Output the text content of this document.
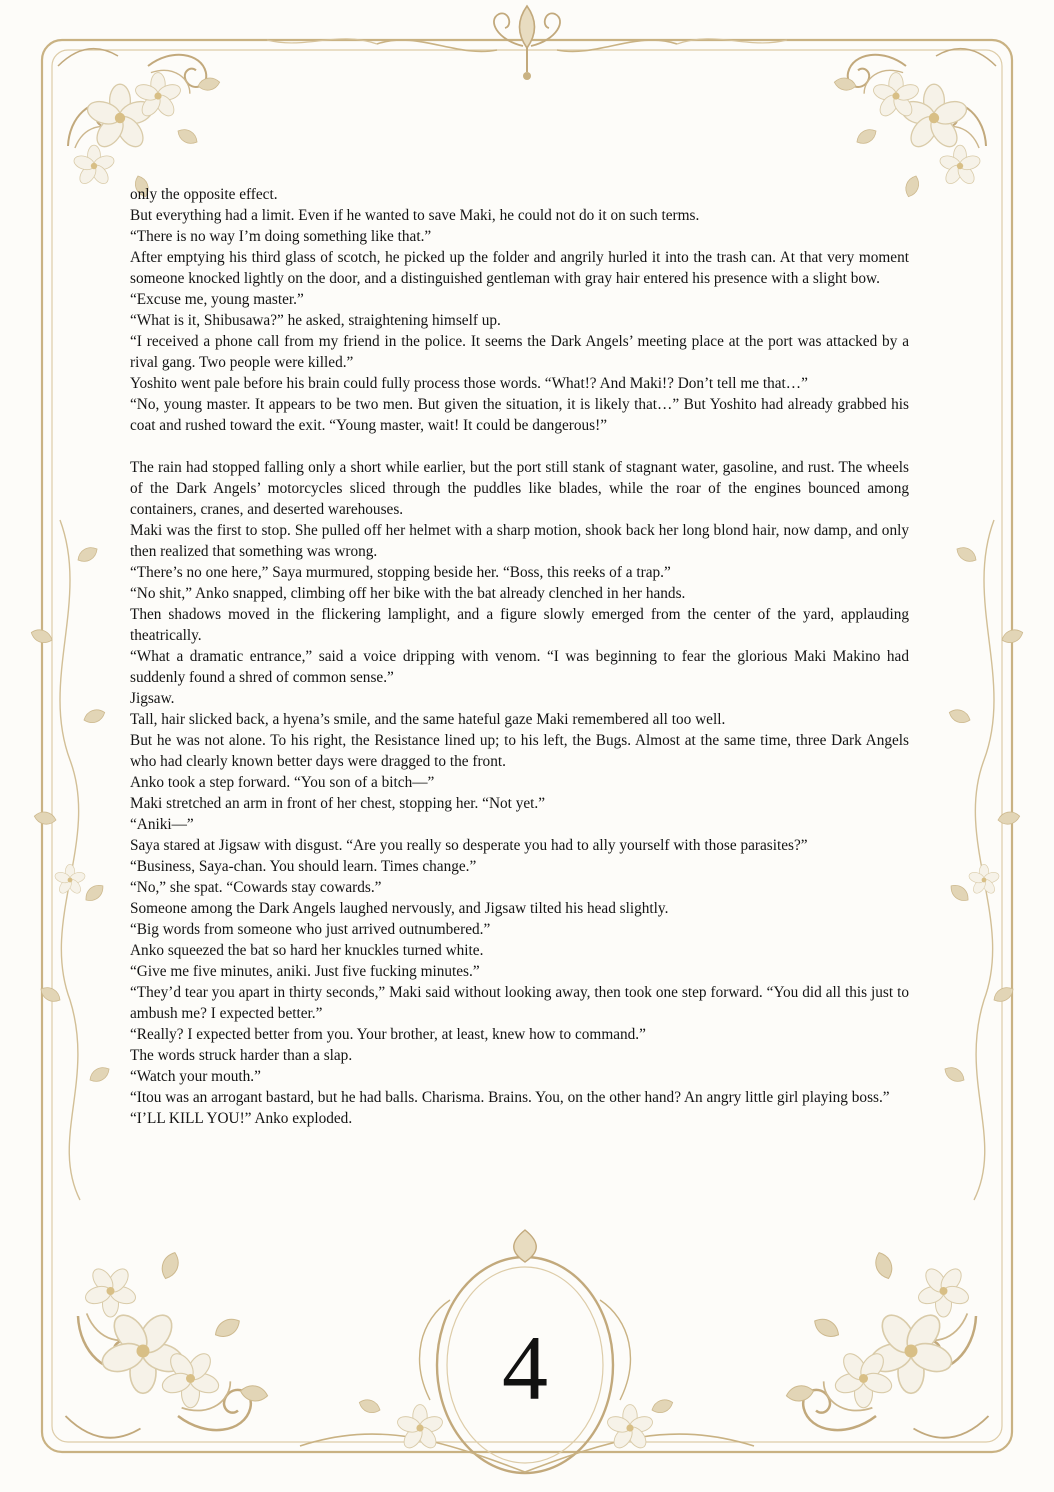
only the opposite effect.

But everything had a limit. Even if he wanted to save Maki, he could not do it on such terms.

“There is no way I’m doing something like that.”

After emptying his third glass of scotch, he picked up the folder and angrily hurled it into the trash can. At that very moment someone knocked lightly on the door, and a distinguished gentleman with gray hair entered his presence with a slight bow.

“Excuse me, young master.”

“What is it, Shibusawa?” he asked, straightening himself up.

“I received a phone call from my friend in the police. It seems the Dark Angels’ meeting place at the port was attacked by a rival gang. Two people were killed.”

Yoshito went pale before his brain could fully process those words. “What!? And Maki!? Don’t tell me that…”

“No, young master. It appears to be two men. But given the situation, it is likely that…” But Yoshito had already grabbed his coat and rushed toward the exit. “Young master, wait! It could be dangerous!”

The rain had stopped falling only a short while earlier, but the port still stank of stagnant water, gasoline, and rust. The wheels of the Dark Angels’ motorcycles sliced through the puddles like blades, while the roar of the engines bounced among containers, cranes, and deserted warehouses.

Maki was the first to stop. She pulled off her helmet with a sharp motion, shook back her long blond hair, now damp, and only then realized that something was wrong.

“There’s no one here,” Saya murmured, stopping beside her. “Boss, this reeks of a trap.”

“No shit,” Anko snapped, climbing off her bike with the bat already clenched in her hands.

Then shadows moved in the flickering lamplight, and a figure slowly emerged from the center of the yard, applauding theatrically.

“What a dramatic entrance,” said a voice dripping with venom. “I was beginning to fear the glorious Maki Makino had suddenly found a shred of common sense.”

Jigsaw.

Tall, hair slicked back, a hyena’s smile, and the same hateful gaze Maki remembered all too well.

But he was not alone. To his right, the Resistance lined up; to his left, the Bugs. Almost at the same time, three Dark Angels who had clearly known better days were dragged to the front.

Anko took a step forward. “You son of a bitch—”

Maki stretched an arm in front of her chest, stopping her. “Not yet.”

“Aniki—”

Saya stared at Jigsaw with disgust. “Are you really so desperate you had to ally yourself with those parasites?”

“Business, Saya-chan. You should learn. Times change.”

“No,” she spat. “Cowards stay cowards.”

Someone among the Dark Angels laughed nervously, and Jigsaw tilted his head slightly.

“Big words from someone who just arrived outnumbered.”

Anko squeezed the bat so hard her knuckles turned white.

“Give me five minutes, aniki. Just five fucking minutes.”

“They’d tear you apart in thirty seconds,” Maki said without looking away, then took one step forward. “You did all this just to ambush me? I expected better.”

“Really? I expected better from you. Your brother, at least, knew how to command.”

The words struck harder than a slap.

“Watch your mouth.”

“Itou was an arrogant bastard, but he had balls. Charisma. Brains. You, on the other hand? An angry little girl playing boss.”

“I’LL KILL YOU!” Anko exploded.

4
